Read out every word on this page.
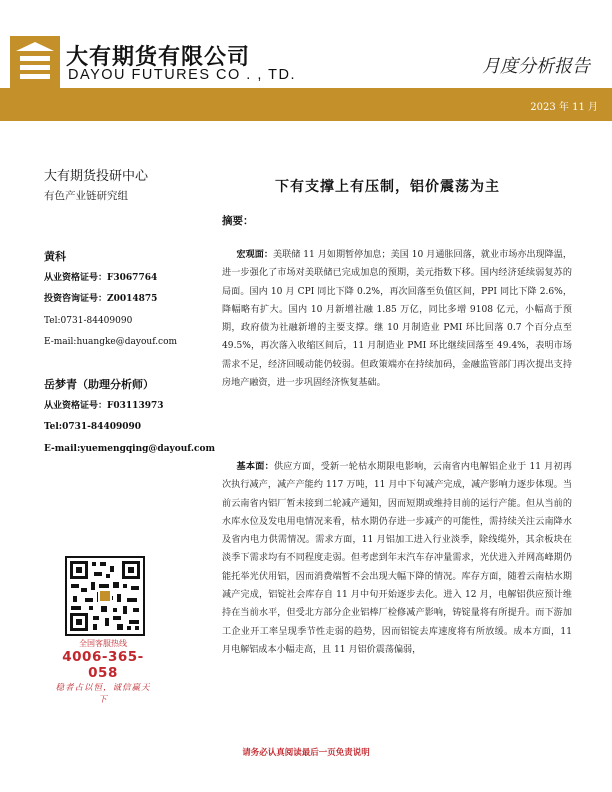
大有期货有限公司
DAYOU FUTURES CO . , TD.	月度分析报告
2023 年 11 月
大有期货投研中心
有色产业链研究组
黄科
从业资格证号：F3067764
投资咨询证号：Z0014875
Tel:0731-84409090
E-mail:huangke@dayouf.com
岳梦青（助理分析师）
从业资格证号：F03113973
Tel:0731-84409090
E-mail:yuemengqing@dayouf.com
全国客服热线
4006-365-058
稳者占以恒，诚信赢天下
下有支撑上有压制，铝价震荡为主
摘要：

宏观面：美联储 11 月如期暂停加息；美国 10 月通胀回落，就业市场亦出现降温，进一步强化了市场对美联储已完成加息的预期，美元指数下移。国内经济延续弱复苏的局面。国内 10 月 CPI 同比下降 0.2%，再次回落至负值区间，PPI 同比下降 2.6%，降幅略有扩大。国内 10 月新增社融 1.85 万亿，同比多增 9108 亿元，小幅高于预期，政府债为社融新增的主要支撑。继 10 月制造业 PMI 环比回落 0.7 个百分点至 49.5%，再次落入收缩区间后，11 月制造业 PMI 环比继续回落至 49.4%，表明市场需求不足，经济回暖动能仍较弱。但政策端亦在持续加码，金融监管部门再次提出支持房地产融资，进一步巩固经济恢复基础。

基本面：供应方面，受新一轮枯水期限电影响，云南省内电解铝企业于 11 月初再次执行减产，减产产能约 117 万吨，11 月中下旬减产完成，减产影响力逐步体现。当前云南省内铝厂暂未接到二轮减产通知，因而短期或维持目前的运行产能。但从当前的水库水位及发电用电情况来看，枯水期仍存进一步减产的可能性，需持续关注云南降水及省内电力供需情况。需求方面，11 月铝加工进入行业淡季，除线缆外，其余板块在淡季下需求均有不同程度走弱。但考虑到年末汽车存冲量需求，光伏进入并网高峰期仍能托举光伏用铝，因而消费端暂不会出现大幅下降的情况。库存方面，随着云南枯水期减产完成，铝锭社会库存自 11 月中旬开始逐步去化。进入 12 月，电解铝供应预计维持在当前水平，但受北方部分企业铝棒厂检修减产影响，铸锭量将有所提升。而下游加工企业开工率呈现季节性走弱的趋势，因而铝锭去库速度将有所放缓。成本方面，11 月电解铝成本小幅走高，且 11 月铝价震荡偏弱，

请务必认真阅读最后一页免责说明
